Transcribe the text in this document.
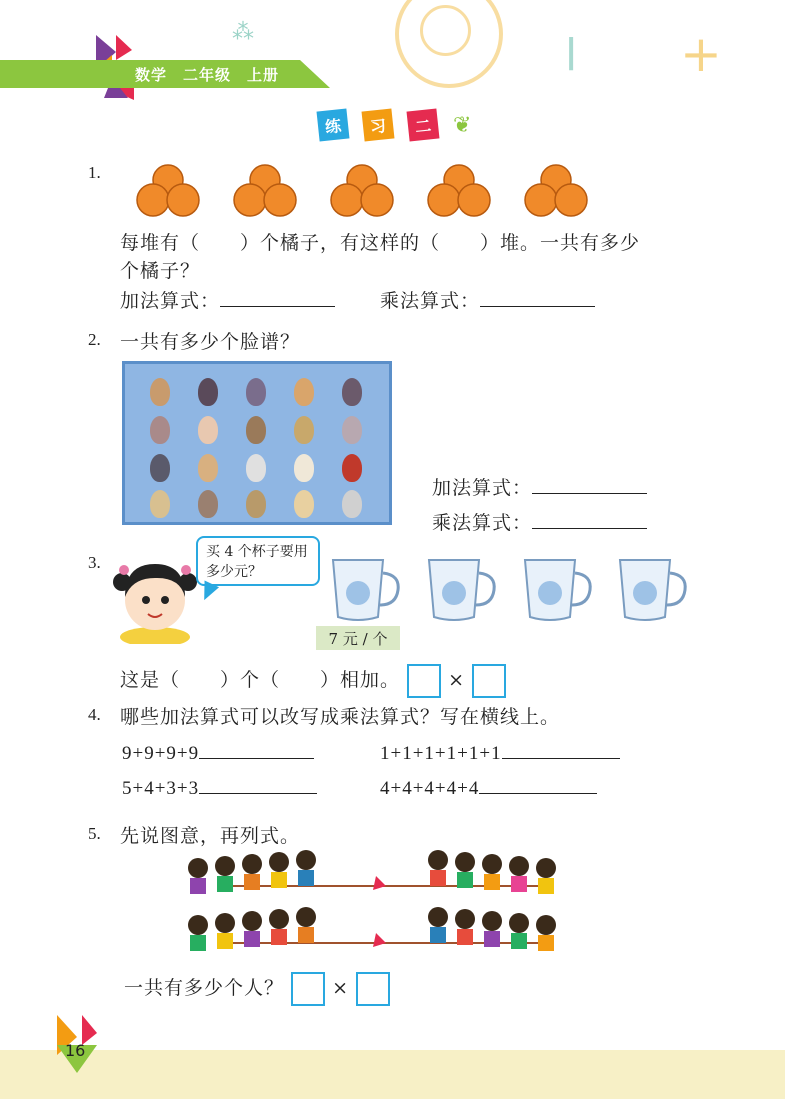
l +
⁂
数学　二年级　上册
练	习	二 ❦
1.
每堆有（　　）个橘子，有这样的（　　）堆。一共有多少
个橘子？
加法算式：	乘法算式：
2. 一共有多少个脸谱？
加法算式：
乘法算式：
3.
买 4 个杯子要用多少元？
7 元 / 个
这是（　　）个（　　）相加。	×
4. 哪些加法算式可以改写成乘法算式？写在横线上。
9+9+9+9	1+1+1+1+1+1
5+4+3+3	4+4+4+4+4
5. 先说图意，再列式。
一共有多少个人？	×
16
